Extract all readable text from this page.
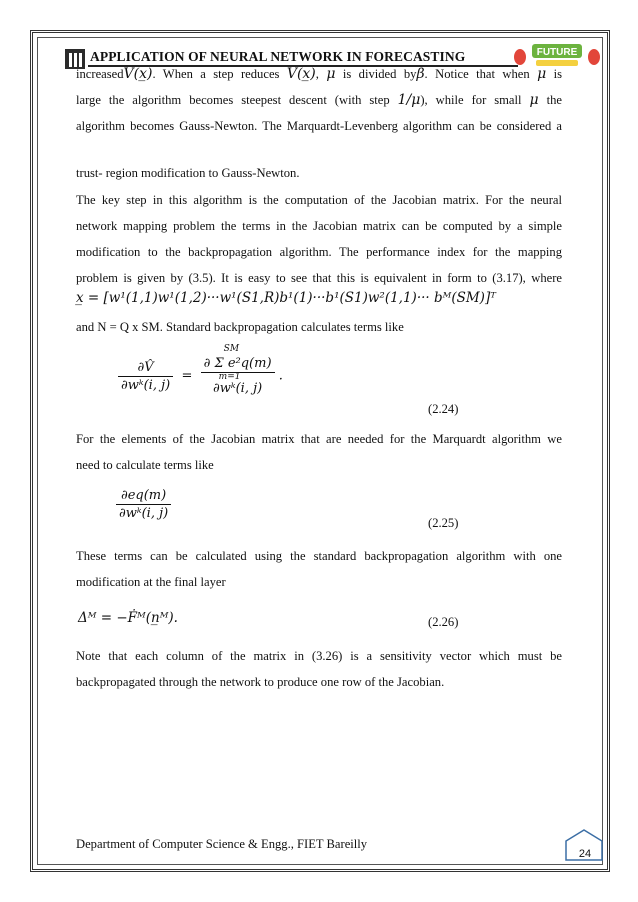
APPLICATION OF NEURAL NETWORK IN FORECASTING	FUTURE
increasedV(x̲). When a step reduces V(x̲), μ is divided byβ. Notice that when μ is
large the algorithm becomes steepest descent (with step 1/μ), while for small μ the
algorithm becomes Gauss-Newton. The Marquardt-Levenberg algorithm can be considered a
trust- region modification to Gauss-Newton.
The key step in this algorithm is the computation of the Jacobian matrix. For the neural
network mapping problem the terms in the Jacobian matrix can be computed by a simple
modification to the backpropagation algorithm. The performance index for the mapping
problem is given by (3.5). It is easy to see that this is equivalent in form to (3.17), where
x̲ = [w¹(1,1)w¹(1,2)···w¹(S1,R)b¹(1)···b¹(S1)w²(1,1)··· bᴹ(SM)]ᵀ
and N = Q x SM. Standard backpropagation calculates terms like
$\frac{\partial V̂}{\text{∂wᵏ(i, j)}}$ = SM
∂ Σ e²q(m)
m=1
∂wᵏ(i, j) .
(2.24)
For the elements of the Jacobian matrix that are needed for the Marquardt algorithm we
need to calculate terms like
$\frac{\partial eq(m)}{\text{∂wᵏ(i, j)}}$
(2.25)
These terms can be calculated using the standard backpropagation algorithm with one
modification at the final layer
Δᴹ = −Ḟᴹ(n̲ᴹ).	(2.26)
Note that each column of the matrix in (3.26) is a sensitivity vector which must be
backpropagated through the network to produce one row of the Jacobian.
Department of Computer Science & Engg., FIET Bareilly
24
